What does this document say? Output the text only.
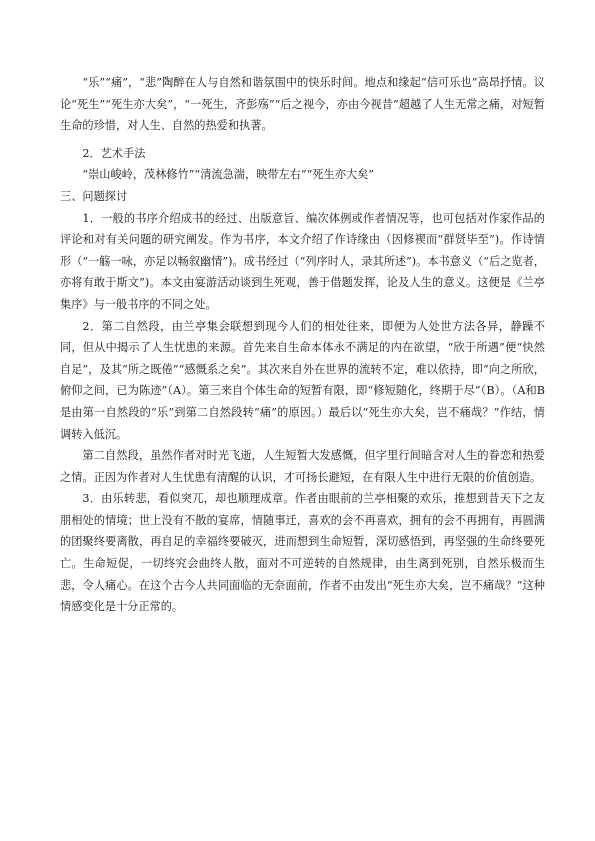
“乐”“痛”，“悲”陶醉在人与自然和谐氛围中的快乐时间。地点和缘起“信可乐也”高昂抒情。议论“死生”“死生亦大矣”，“一死生，齐彭殇”“后之视今，亦由今视昔”超越了人生无常之痛，对短暂生命的珍惜，对人生、自然的热爱和执著。

2．艺术手法

“崇山峻岭，茂林修竹”“清流急湍，映带左右”“死生亦大矣”

三、问题探讨

1．一般的书序介绍成书的经过、出版意旨、编次体例或作者情况等，也可包括对作家作品的评论和对有关问题的研究阐发。作为书序，本文介绍了作诗缘由（因修褉而“群贤毕至”)。作诗情形（“一觞一咏，亦足以畅叙幽情”)。成书经过（“列序时人，录其所述”)。本书意义（“后之览者，亦将有敢于斯文”)。本文由宴游活动谈到生死观，善于借题发挥，论及人生的意义。这便是《兰亭集序》与一般书序的不同之处。

2．第二自然段，由兰亭集会联想到现今人们的相处往来，即便为人处世方法各异，静躁不同，但从中揭示了人生忧患的来源。首先来自生命本体永不满足的内在欲望，“欣于所遇”便“快然自足”，及其“所之既倦”“感慨系之矣”。其次来自外在世界的流转不定，难以依持，即“向之所欣，俯仰之间，已为陈迹”（A）。第三来自个体生命的短暂有限，即“修短随化，终期于尽”（B）。（A和B是由第一自然段的“乐”到第二自然段转“痛”的原因。）最后以“死生亦大矣，岂不痛哉？”作结，情调转入低沉。

第二自然段，虽然作者对时光飞逝，人生短暂大发感慨，但字里行间暗含对人生的眷恋和热爱之情。正因为作者对人生忧患有清醒的认识，才可扬长避短，在有限人生中进行无限的价值创造。

3．由乐转悲，看似突兀，却也顺理成章。作者由眼前的兰亭相聚的欢乐，推想到昔天下之友朋相处的情境；世上没有不散的宴席，情随事迁，喜欢的会不再喜欢，拥有的会不再拥有，再圆满的团聚终要离散，再自足的幸福终要破灭，进而想到生命短暂，深切感悟到，再坚强的生命终要死亡。生命短促，一切终究会曲终人散，面对不可逆转的自然规律，由生离到死别，自然乐极而生悲，令人痛心。在这个古今人共同面临的无奈面前，作者不由发出“死生亦大矣，岂不痛哉？”这种情感变化是十分正常的。
